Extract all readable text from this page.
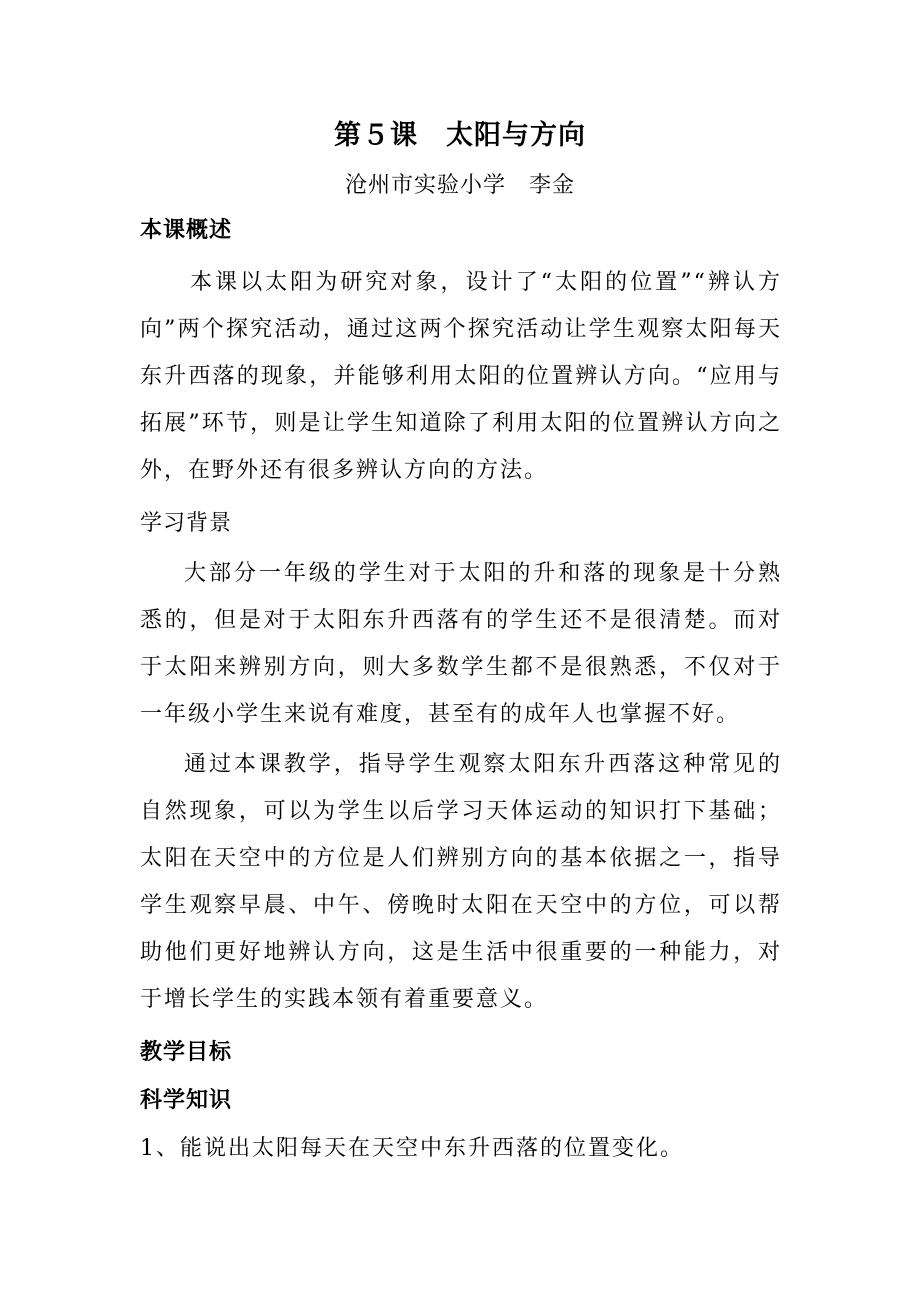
第５课　太阳与方向
沧州市实验小学　李金
本课概述
本课以太阳为研究对象，设计了“太阳的位置”“辨认方向”两个探究活动，通过这两个探究活动让学生观察太阳每天东升西落的现象，并能够利用太阳的位置辨认方向。“应用与拓展”环节，则是让学生知道除了利用太阳的位置辨认方向之外，在野外还有很多辨认方向的方法。
学习背景
大部分一年级的学生对于太阳的升和落的现象是十分熟悉的，但是对于太阳东升西落有的学生还不是很清楚。而对于太阳来辨别方向，则大多数学生都不是很熟悉，不仅对于一年级小学生来说有难度，甚至有的成年人也掌握不好。
通过本课教学，指导学生观察太阳东升西落这种常见的自然现象，可以为学生以后学习天体运动的知识打下基础；太阳在天空中的方位是人们辨别方向的基本依据之一，指导学生观察早晨、中午、傍晚时太阳在天空中的方位，可以帮助他们更好地辨认方向，这是生活中很重要的一种能力，对于增长学生的实践本领有着重要意义。
教学目标
科学知识
1、能说出太阳每天在天空中东升西落的位置变化。
